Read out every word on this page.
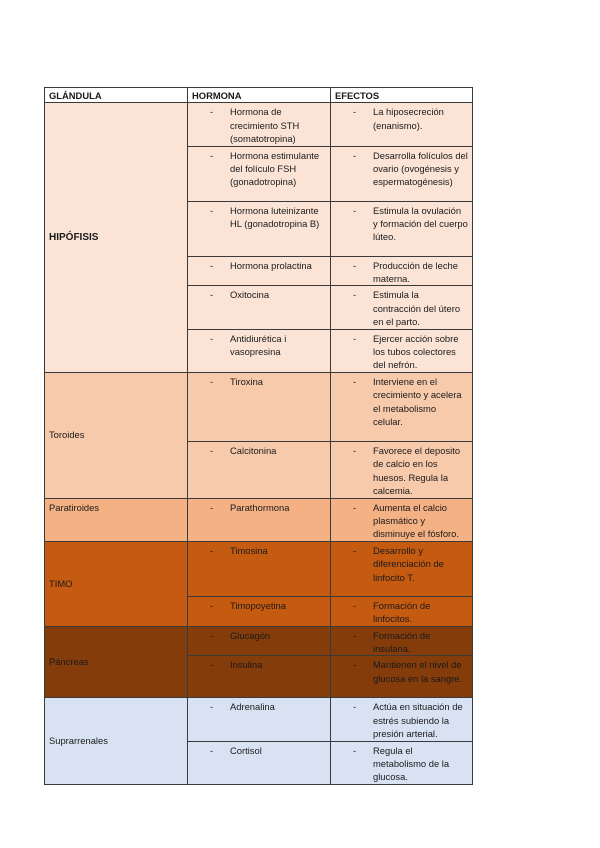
GLÁNDULA	HORMONA	EFECTOS
HIPÓFISIS	- Hormona de crecimiento STH (somatotropina)	- La hiposecreción (enanismo).

	- Hormona estimulante del folículo FSH (gonadotropina)	- Desarrolla folículos del ovario (ovogénesis y espermatogénesis)

	- Hormona luteinizante HL (gonadotropina B)	- Estimula la ovulación y formación del cuerpo lúteo.

	- Hormona prolactina	- Producción de leche materna.

	- Oxitocina	- Estimula la contracción del útero en el parto.

	- Antidiurética i vasopresina	- Ejercer acción sobre los tubos colectores del nefrón.

Toroides	- Tiroxina	- Interviene en el crecimiento y acelera el metabolismo celular.

	- Calcitonina	- Favorece el deposito de calcio en los huesos. Regula la calcemia.

Paratiroides	- Parathormona	- Aumenta el calcio plasmático y disminuye el fósforo.

TIMO	- Timosina	- Desarrollo y diferenciación de linfocito T.

	- Timopoyetina	- Formación de linfocitos.

Páncreas	- Glucagón	- Formación de insulana.

	- Insulina	- Mantienen el nivel de glucosa en la sangre.

Suprarrenales	- Adrenalina	- Actúa en situación de estrés subiendo la presión arterial.

	- Cortisol	- Regula el metabolismo de la glucosa.
